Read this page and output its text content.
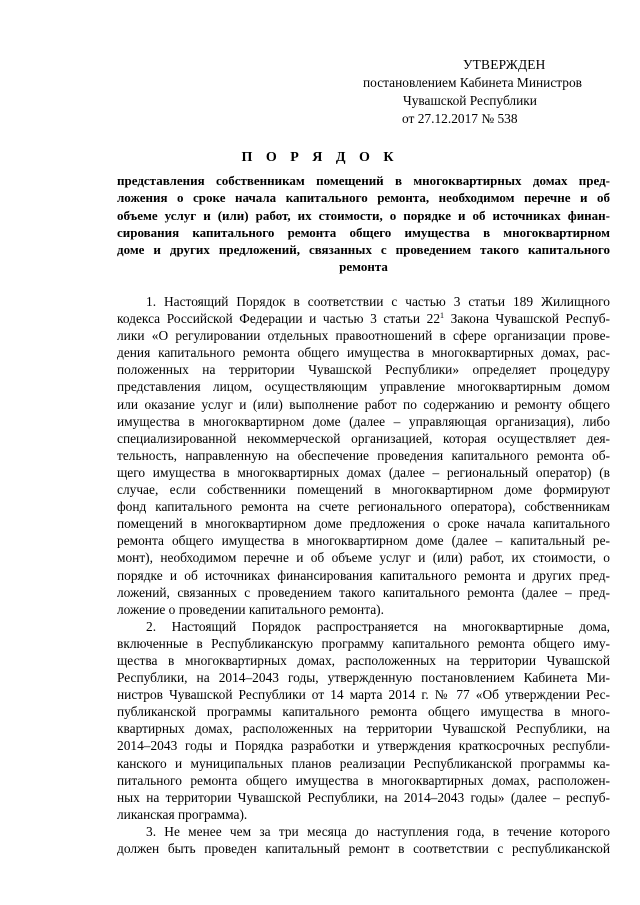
УТВЕРЖДЕН
постановлением Кабинета Министров
Чувашской Республики
от 27.12.2017 № 538
П О Р Я Д О К
представления собственникам помещений в многоквартирных домах пред-
ложения о сроке начала капитального ремонта, необходимом перечне и об
объеме услуг и (или) работ, их стоимости, о порядке и об источниках финан-
сирования капитального ремонта общего имущества в многоквартирном
доме и других предложений, связанных с проведением такого капитального
ремонта
1. Настоящий Порядок в соответствии с частью 3 статьи 189 Жилищного
кодекса Российской Федерации и частью 3 статьи $22^1$ Закона Чувашской Респуб-
лики «О регулировании отдельных правоотношений в сфере организации прове-
дения капитального ремонта общего имущества в многоквартирных домах, рас-
положенных на территории Чувашской Республики» определяет процедуру
представления лицом, осуществляющим управление многоквартирным домом
или оказание услуг и (или) выполнение работ по содержанию и ремонту общего
имущества в многоквартирном доме (далее – управляющая организация), либо
специализированной некоммерческой организацией, которая осуществляет дея-
тельность, направленную на обеспечение проведения капитального ремонта об-
щего имущества в многоквартирных домах (далее – региональный оператор) (в
случае, если собственники помещений в многоквартирном доме формируют
фонд капитального ремонта на счете регионального оператора), собственникам
помещений в многоквартирном доме предложения о сроке начала капитального
ремонта общего имущества в многоквартирном доме (далее – капитальный ре-
монт), необходимом перечне и об объеме услуг и (или) работ, их стоимости, о
порядке и об источниках финансирования капитального ремонта и других пред-
ложений, связанных с проведением такого капитального ремонта (далее – пред-
ложение о проведении капитального ремонта).
2. Настоящий Порядок распространяется на многоквартирные дома,
включенные в Республиканскую программу капитального ремонта общего иму-
щества в многоквартирных домах, расположенных на территории Чувашской
Республики, на 2014–2043 годы, утвержденную постановлением Кабинета Ми-
нистров Чувашской Республики от 14 марта 2014 г. № 77 «Об утверждении Рес-
публиканской программы капитального ремонта общего имущества в много-
квартирных домах, расположенных на территории Чувашской Республики, на
2014–2043 годы и Порядка разработки и утверждения краткосрочных республи-
канского и муниципальных планов реализации Республиканской программы ка-
питального ремонта общего имущества в многоквартирных домах, расположен-
ных на территории Чувашской Республики, на 2014–2043 годы» (далее – респуб-
ликанская программа).
3. Не менее чем за три месяца до наступления года, в течение которого
должен быть проведен капитальный ремонт в соответствии с республиканской
